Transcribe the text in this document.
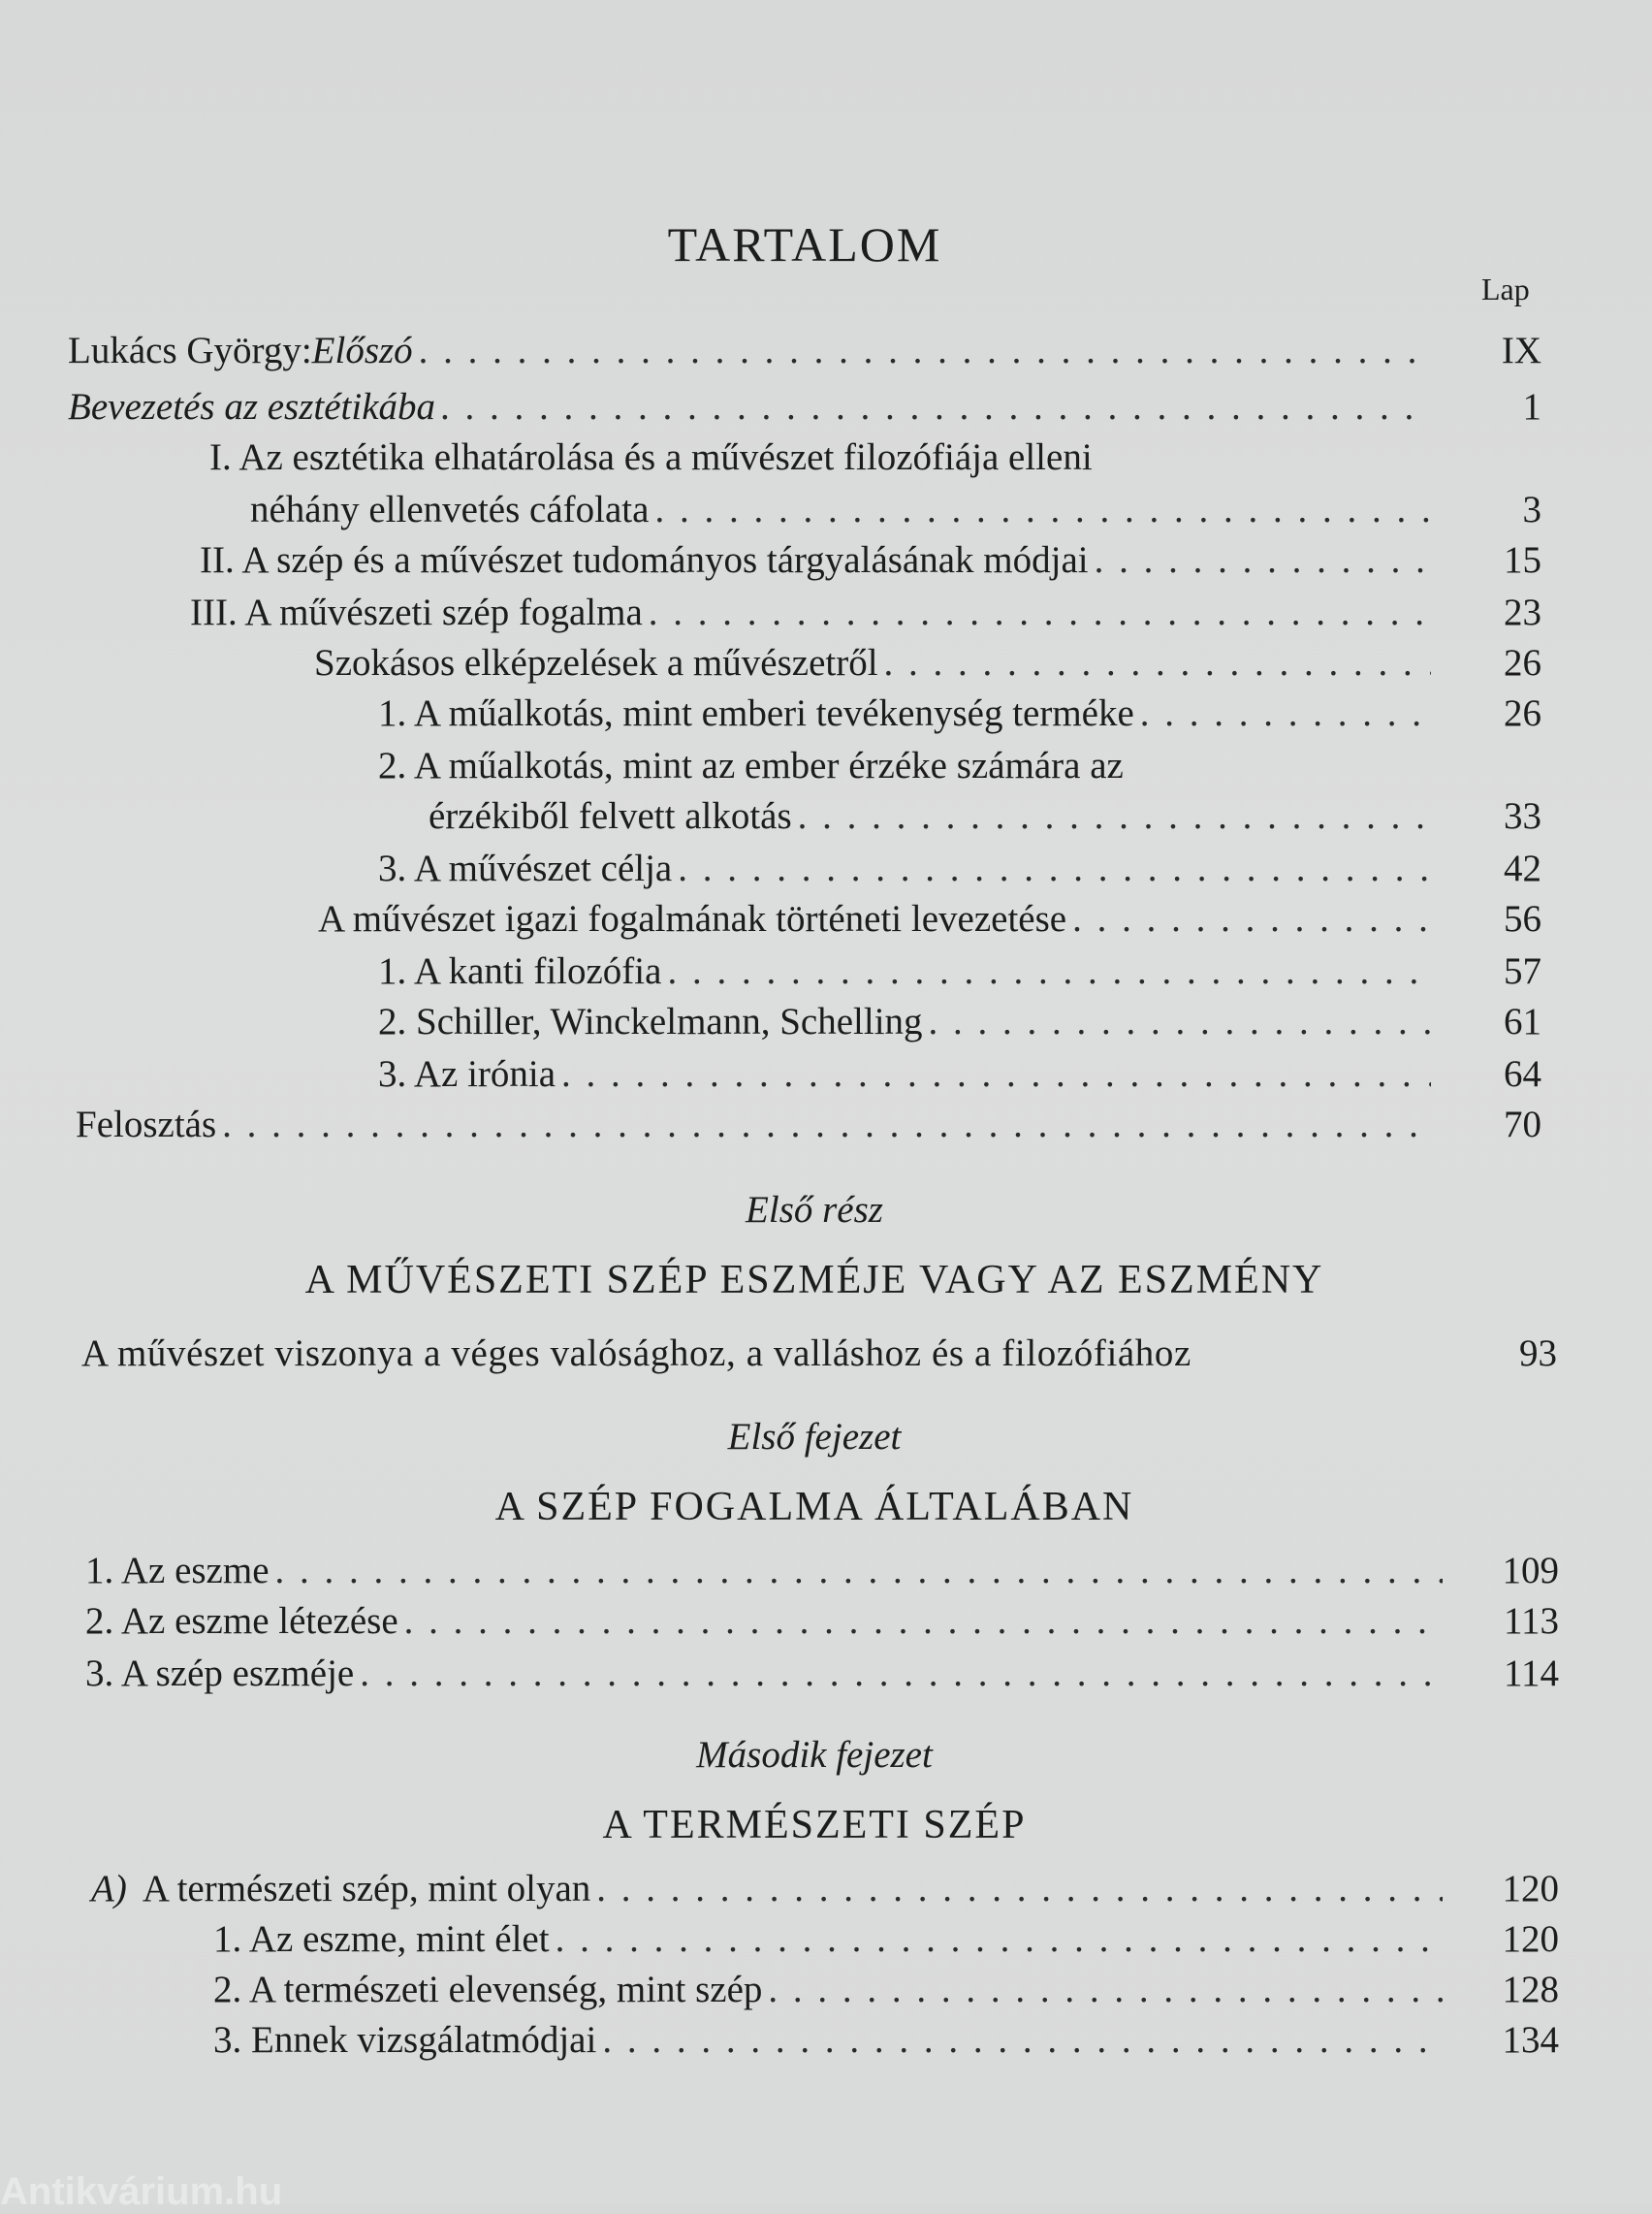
TARTALOM
Lap
Lukács György: Előszó . . .	IX
Bevezetés az esztétikába . . .	1
I. Az esztétika elhatárolása és a művészet filozófiája elleni
néhány ellenvetés cáfolata . . .	3
II. A szép és a művészet tudományos tárgyalásának módjai . . .	15
III. A művészeti szép fogalma . . .	23
Szokásos elképzelések a művészetről . . .	26
1. A műalkotás, mint emberi tevékenység terméke . . .	26
2. A műalkotás, mint az ember érzéke számára az
érzékiből felvett alkotás . . .	33
3. A művészet célja . . .	42
A művészet igazi fogalmának történeti levezetése . . .	56
1. A kanti filozófia . . .	57
2. Schiller, Winckelmann, Schelling . . .	61
3. Az irónia . . .	64
Felosztás . . .	70
Első rész
A MŰVÉSZETI SZÉP ESZMÉJE VAGY AZ ESZMÉNY
A művészet viszonya a véges valósághoz, a valláshoz és a filozófiához	93
Első fejezet
A SZÉP FOGALMA ÁLTALÁBAN
1. Az eszme . . .	109
2. Az eszme létezése . . .	113
3. A szép eszméje . . .	114
Második fejezet
A TERMÉSZETI SZÉP
A) A természeti szép, mint olyan . . .	120
1. Az eszme, mint élet . . .	120
2. A természeti elevenség, mint szép . . .	128
3. Ennek vizsgálatmódjai . . .	134
Antikvárium.hu
